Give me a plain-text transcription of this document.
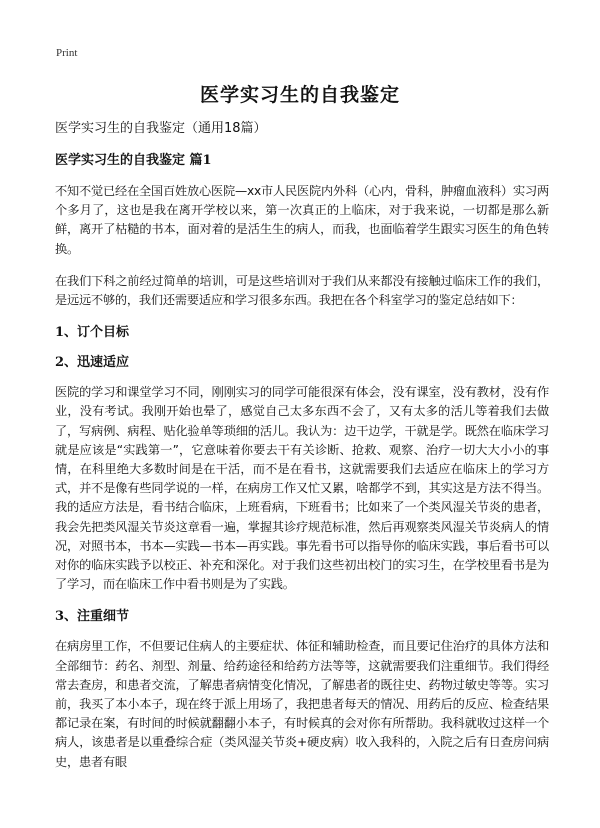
Print
医学实习生的自我鉴定

医学实习生的自我鉴定（通用18篇）

医学实习生的自我鉴定 篇1

不知不觉已经在全国百姓放心医院—xx市人民医院内外科（心内，骨科，肿瘤血液科）实习两个多月了，这也是我在离开学校以来，第一次真正的上临床，对于我来说，一切都是那么新鲜，离开了枯糙的书本，面对着的是活生生的病人，而我，也面临着学生跟实习医生的角色转换。

在我们下科之前经过简单的培训，可是这些培训对于我们从来都没有接触过临床工作的我们，是远远不够的，我们还需要适应和学习很多东西。我把在各个科室学习的鉴定总结如下：

1、订个目标

2、迅速适应

医院的学习和课堂学习不同，刚刚实习的同学可能很深有体会，没有课室，没有教材，没有作业，没有考试。我刚开始也晕了，感觉自己太多东西不会了，又有太多的活儿等着我们去做了，写病例、病程、贴化验单等琐细的活儿。我认为：边干边学，干就是学。既然在临床学习就是应该是“实践第一”，它意味着你要去干有关诊断、抢救、观察、治疗一切大大小小的事情，在科里绝大多数时间是在干活，而不是在看书，这就需要我们去适应在临床上的学习方式，并不是像有些同学说的一样，在病房工作又忙又累，啥都学不到，其实这是方法不得当。我的适应方法是，看书结合临床，上班看病，下班看书；比如来了一个类风湿关节炎的患者，我会先把类风湿关节炎这章看一遍，掌握其诊疗规范标准，然后再观察类风湿关节炎病人的情况，对照书本，书本—实践—书本—再实践。事先看书可以指导你的临床实践，事后看书可以对你的临床实践予以校正、补充和深化。对于我们这些初出校门的实习生，在学校里看书是为了学习，而在临床工作中看书则是为了实践。

3、注重细节

在病房里工作，不但要记住病人的主要症状、体征和辅助检查，而且要记住治疗的具体方法和全部细节：药名、剂型、剂量、给药途径和给药方法等等，这就需要我们注重细节。我们得经常去查房，和患者交流，了解患者病情变化情况，了解患者的既往史、药物过敏史等等。实习前，我买了本小本子，现在终于派上用场了，我把患者每天的情况、用药后的反应、检查结果都记录在案，有时间的时候就翻翻小本子，有时候真的会对你有所帮助。我科就收过这样一个病人，该患者是以重叠综合症（类风湿关节炎+硬皮病）收入我科的，入院之后有日查房问病史，患者有眼
